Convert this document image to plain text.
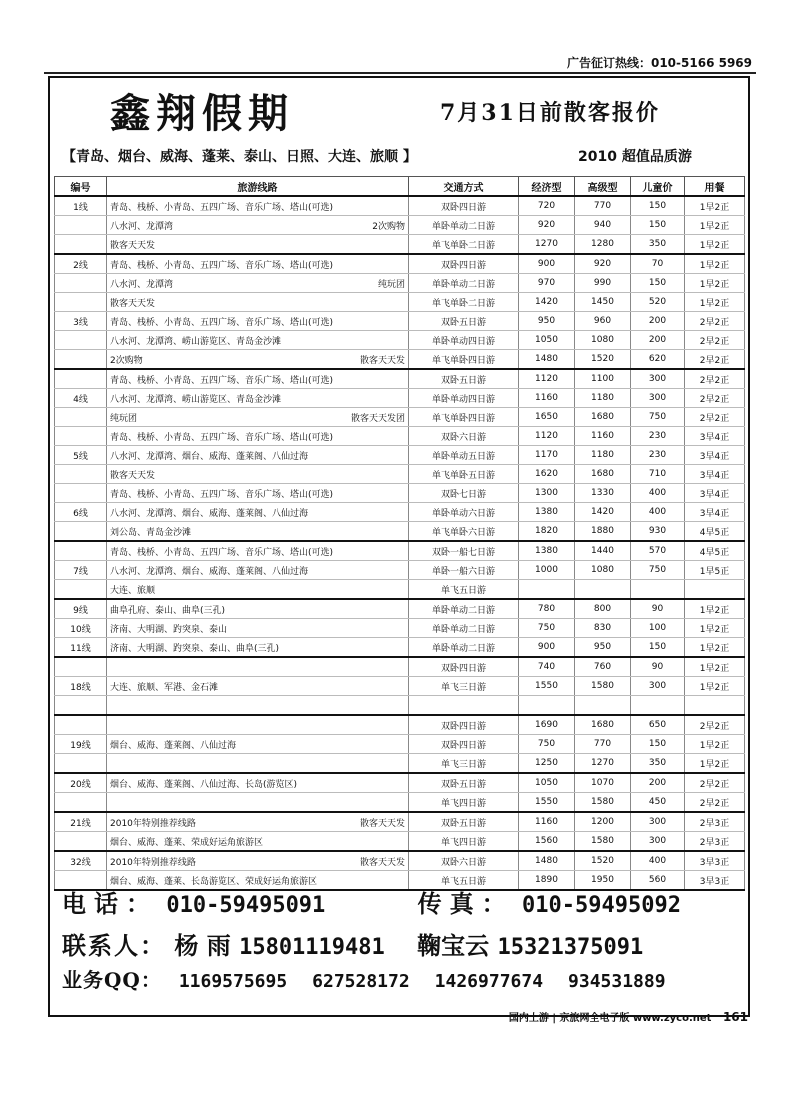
广告征订热线：010-5166 5969
鑫翔假期	7月31日前散客报价
【青岛、烟台、威海、蓬莱、泰山、日照、大连、旅顺 】	2010 超值品质游
编号	旅游线路	交通方式	经济型	高级型	儿童价	用餐
1线	青岛、栈桥、小青岛、五四广场、音乐广场、塔山(可选)	双卧四日游	720	770	150	1早2正
	八水河、龙潭湾 2次购物	单卧单动二日游	920	940	150	1早2正
	散客天天发	单飞单卧二日游	1270	1280	350	1早2正
2线	青岛、栈桥、小青岛、五四广场、音乐广场、塔山(可选)	双卧四日游	900	920	70	1早2正
	八水河、龙潭湾 纯玩团	单卧单动二日游	970	990	150	1早2正
	散客天天发	单飞单卧二日游	1420	1450	520	1早2正
3线	青岛、栈桥、小青岛、五四广场、音乐广场、塔山(可选)	双卧五日游	950	960	200	2早2正
	八水河、龙潭湾、崂山游览区、青岛金沙滩	单卧单动四日游	1050	1080	200	2早2正
	2次购物 散客天天发	单飞单卧四日游	1480	1520	620	2早2正
	青岛、栈桥、小青岛、五四广场、音乐广场、塔山(可选)	双卧五日游	1120	1100	300	2早2正
4线	八水河、龙潭湾、崂山游览区、青岛金沙滩	单卧单动四日游	1160	1180	300	2早2正
	纯玩团 散客天天发团	单飞单卧四日游	1650	1680	750	2早2正
	青岛、栈桥、小青岛、五四广场、音乐广场、塔山(可选)	双卧六日游	1120	1160	230	3早4正
5线	八水河、龙潭湾、烟台、威海、蓬莱阁、八仙过海	单卧单动五日游	1170	1180	230	3早4正
	散客天天发	单飞单卧五日游	1620	1680	710	3早4正
	青岛、栈桥、小青岛、五四广场、音乐广场、塔山(可选)	双卧七日游	1300	1330	400	3早4正
6线	八水河、龙潭湾、烟台、威海、蓬莱阁、八仙过海	单卧单动六日游	1380	1420	400	3早4正
	刘公岛、青岛金沙滩	单飞单卧六日游	1820	1880	930	4早5正
	青岛、栈桥、小青岛、五四广场、音乐广场、塔山(可选)	双卧一船七日游	1380	1440	570	4早5正
7线	八水河、龙潭湾、烟台、威海、蓬莱阁、八仙过海	单卧一船六日游	1000	1080	750	1早5正
	大连、旅顺	单飞五日游				
9线	曲阜孔府、泰山、曲阜(三孔)	单卧单动二日游	780	800	90	1早2正
10线	济南、大明湖、趵突泉、泰山	单卧单动二日游	750	830	100	1早2正
11线	济南、大明湖、趵突泉、泰山、曲阜(三孔)	单卧单动二日游	900	950	150	1早2正
		双卧四日游	740	760	90	1早2正
18线	大连、旅顺、军港、金石滩	单飞三日游	1550	1580	300	1早2正

		双卧四日游	1690	1680	650	2早2正
19线	烟台、威海、蓬莱阁、八仙过海	双卧四日游	750	770	150	1早2正
		单飞三日游	1250	1270	350	1早2正
20线	烟台、威海、蓬莱阁、八仙过海、长岛(游览区)	双卧五日游	1050	1070	200	2早2正
		单飞四日游	1550	1580	450	2早2正
21线	2010年特别推荐线路 散客天天发	双卧五日游	1160	1200	300	2早3正
	烟台、威海、蓬莱、荣成好运角旅游区	单飞四日游	1560	1580	300	2早3正
32线	2010年特别推荐线路 散客天天发	双卧六日游	1480	1520	400	3早3正
	烟台、威海、蓬莱、长岛游览区、荣成好运角旅游区	单飞五日游	1890	1950	560	3早3正
电话： 010-59495091	传真： 010-59495092
联系人： 杨 雨 15801119481 鞠宝云 15321375091
业务QQ： 1169575695 627528172 1426977674 934531889
国内上游 | 京旅网全电子版 www.zyco.net 161
